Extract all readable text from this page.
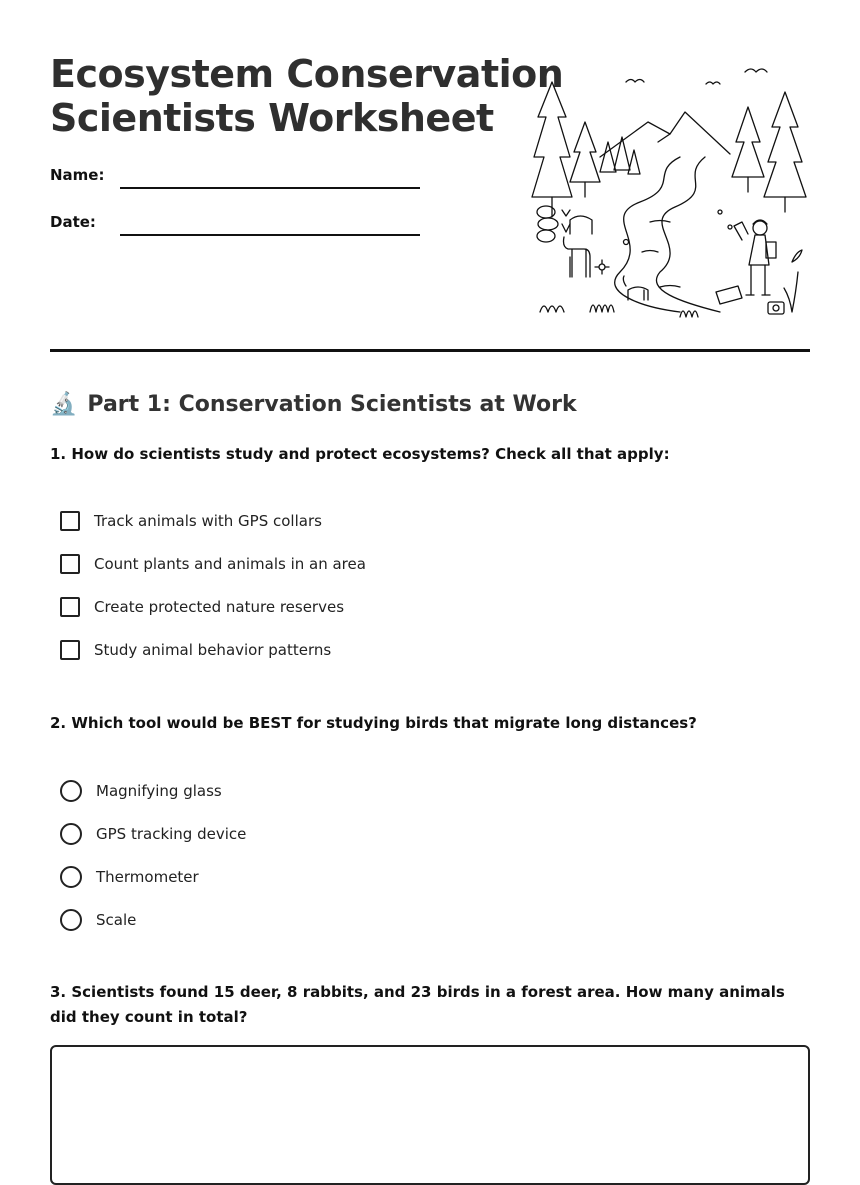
Ecosystem Conservation
Scientists Worksheet
Name:
Date:
🔬 Part 1: Conservation Scientists at Work

1. How do scientists study and protect ecosystems? Check all that apply:

Track animals with GPS collars
Count plants and animals in an area
Create protected nature reserves
Study animal behavior patterns

2. Which tool would be BEST for studying birds that migrate long distances?

Magnifying glass
GPS tracking device
Thermometer
Scale

3. Scientists found 15 deer, 8 rabbits, and 23 birds in a forest area. How many animals did they count in total?
